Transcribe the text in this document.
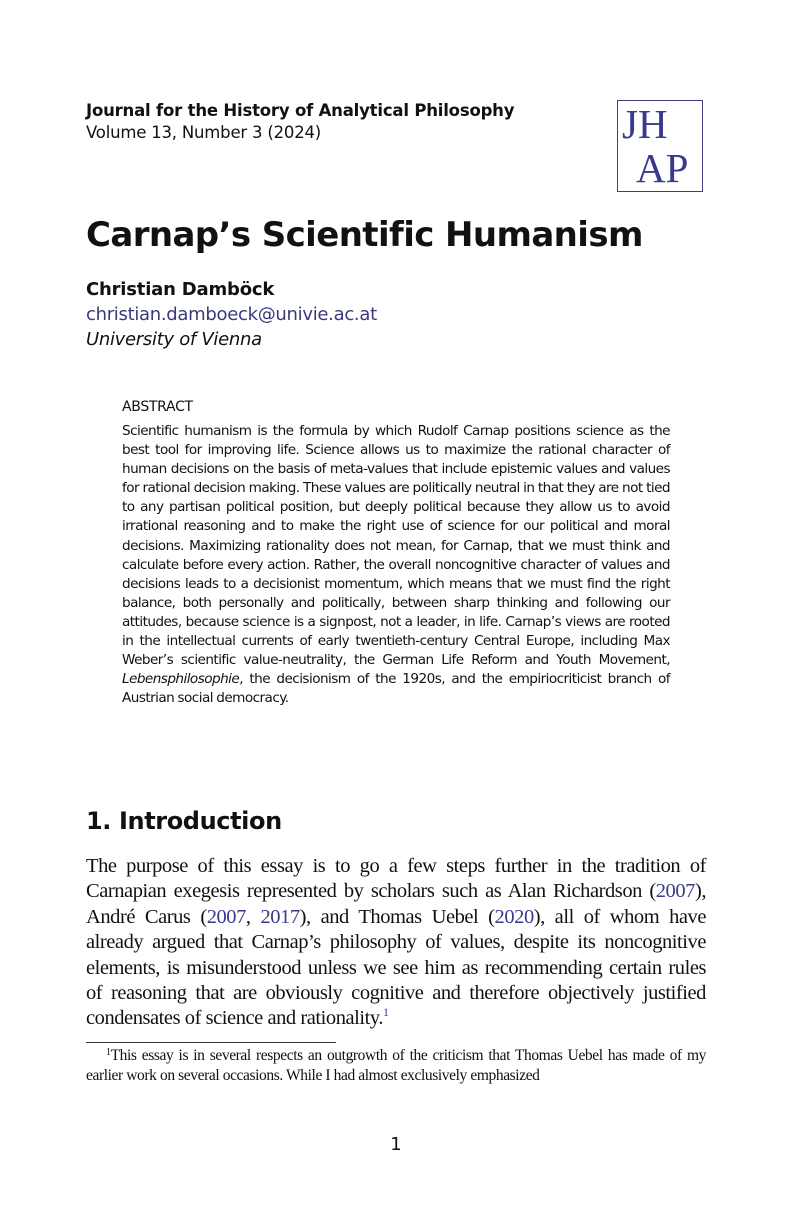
Journal for the History of Analytical Philosophy
Volume 13, Number 3 (2024)	JH
AP
Carnap’s Scientific Humanism
Christian Damböck
christian.damboeck@univie.ac.at
University of Vienna
ABSTRACT
Scientific humanism is the formula by which Rudolf Carnap positions science as the best tool for improving life. Science allows us to maximize the rational character of human decisions on the basis of meta-values that include epistemic values and values for rational decision making. These values are politically neutral in that they are not tied to any partisan political position, but deeply political because they allow us to avoid irrational reasoning and to make the right use of science for our political and moral decisions. Maximizing rationality does not mean, for Carnap, that we must think and calculate before every action. Rather, the overall noncognitive character of values and decisions leads to a decisionist momentum, which means that we must find the right balance, both personally and politically, between sharp thinking and following our attitudes, because science is a signpost, not a leader, in life. Carnap’s views are rooted in the intellectual currents of early twentieth-century Central Europe, including Max Weber’s scientific value-neutrality, the German Life Reform and Youth Movement, Lebensphilosophie, the decisionism of the 1920s, and the empiriocriticist branch of Austrian social democracy.
1. Introduction

The purpose of this essay is to go a few steps further in the tradition of Carnapian exegesis represented by scholars such as Alan Richardson (2007), André Carus (2007, 2017), and Thomas Uebel (2020), all of whom have already argued that Carnap’s philosophy of values, despite its noncognitive elements, is misunderstood unless we see him as recommending certain rules of reasoning that are obviously cognitive and therefore objectively justified condensates of science and rationality.$^1$

$^1$This essay is in several respects an outgrowth of the criticism that Thomas Uebel has made of my earlier work on several occasions. While I had almost exclusively emphasized

1
